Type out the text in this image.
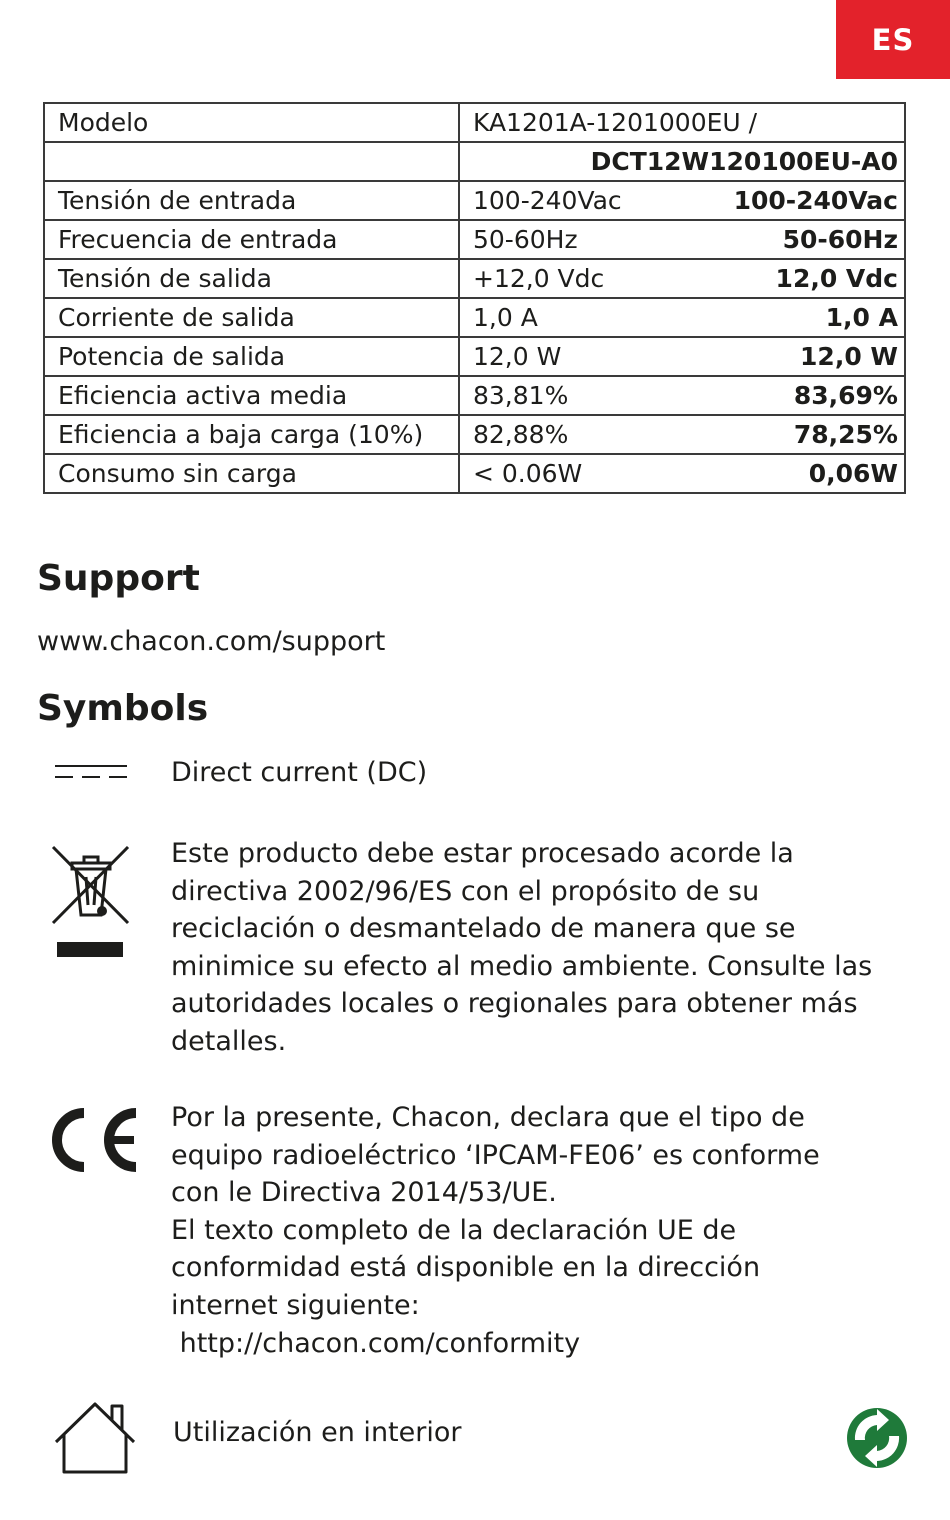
ES
Modelo	KA1201A-1201000EU /
	DCT12W120100EU-A0
Tensión de entrada	100-240Vac 100-240Vac

Frecuencia de entrada	50-60Hz 50-60Hz

Tensión de salida	+12,0 Vdc 12,0 Vdc

Corriente de salida	1,0 A 1,0 A

Potencia de salida	12,0 W 12,0 W

Eficiencia activa media	83,81% 83,69%

Eficiencia a baja carga (10%)	82,88% 78,25%

Consumo sin carga	< 0.06W 0,06W
Support
www.chacon.com/support
Symbols
Direct current (DC)
Este producto debe estar procesado acorde la
directiva 2002/96/ES con el propósito de su
reciclación o desmantelado de manera que se
minimice su efecto al medio ambiente. Consulte las
autoridades locales o regionales para obtener más
detalles.
Por la presente, Chacon, declara que el tipo de
equipo radioeléctrico ‘IPCAM-FE06’ es conforme
con le Directiva 2014/53/UE.
El texto completo de la declaración UE de
conformidad está disponible en la dirección
internet siguiente:
http://chacon.com/conformity
Utilización en interior
